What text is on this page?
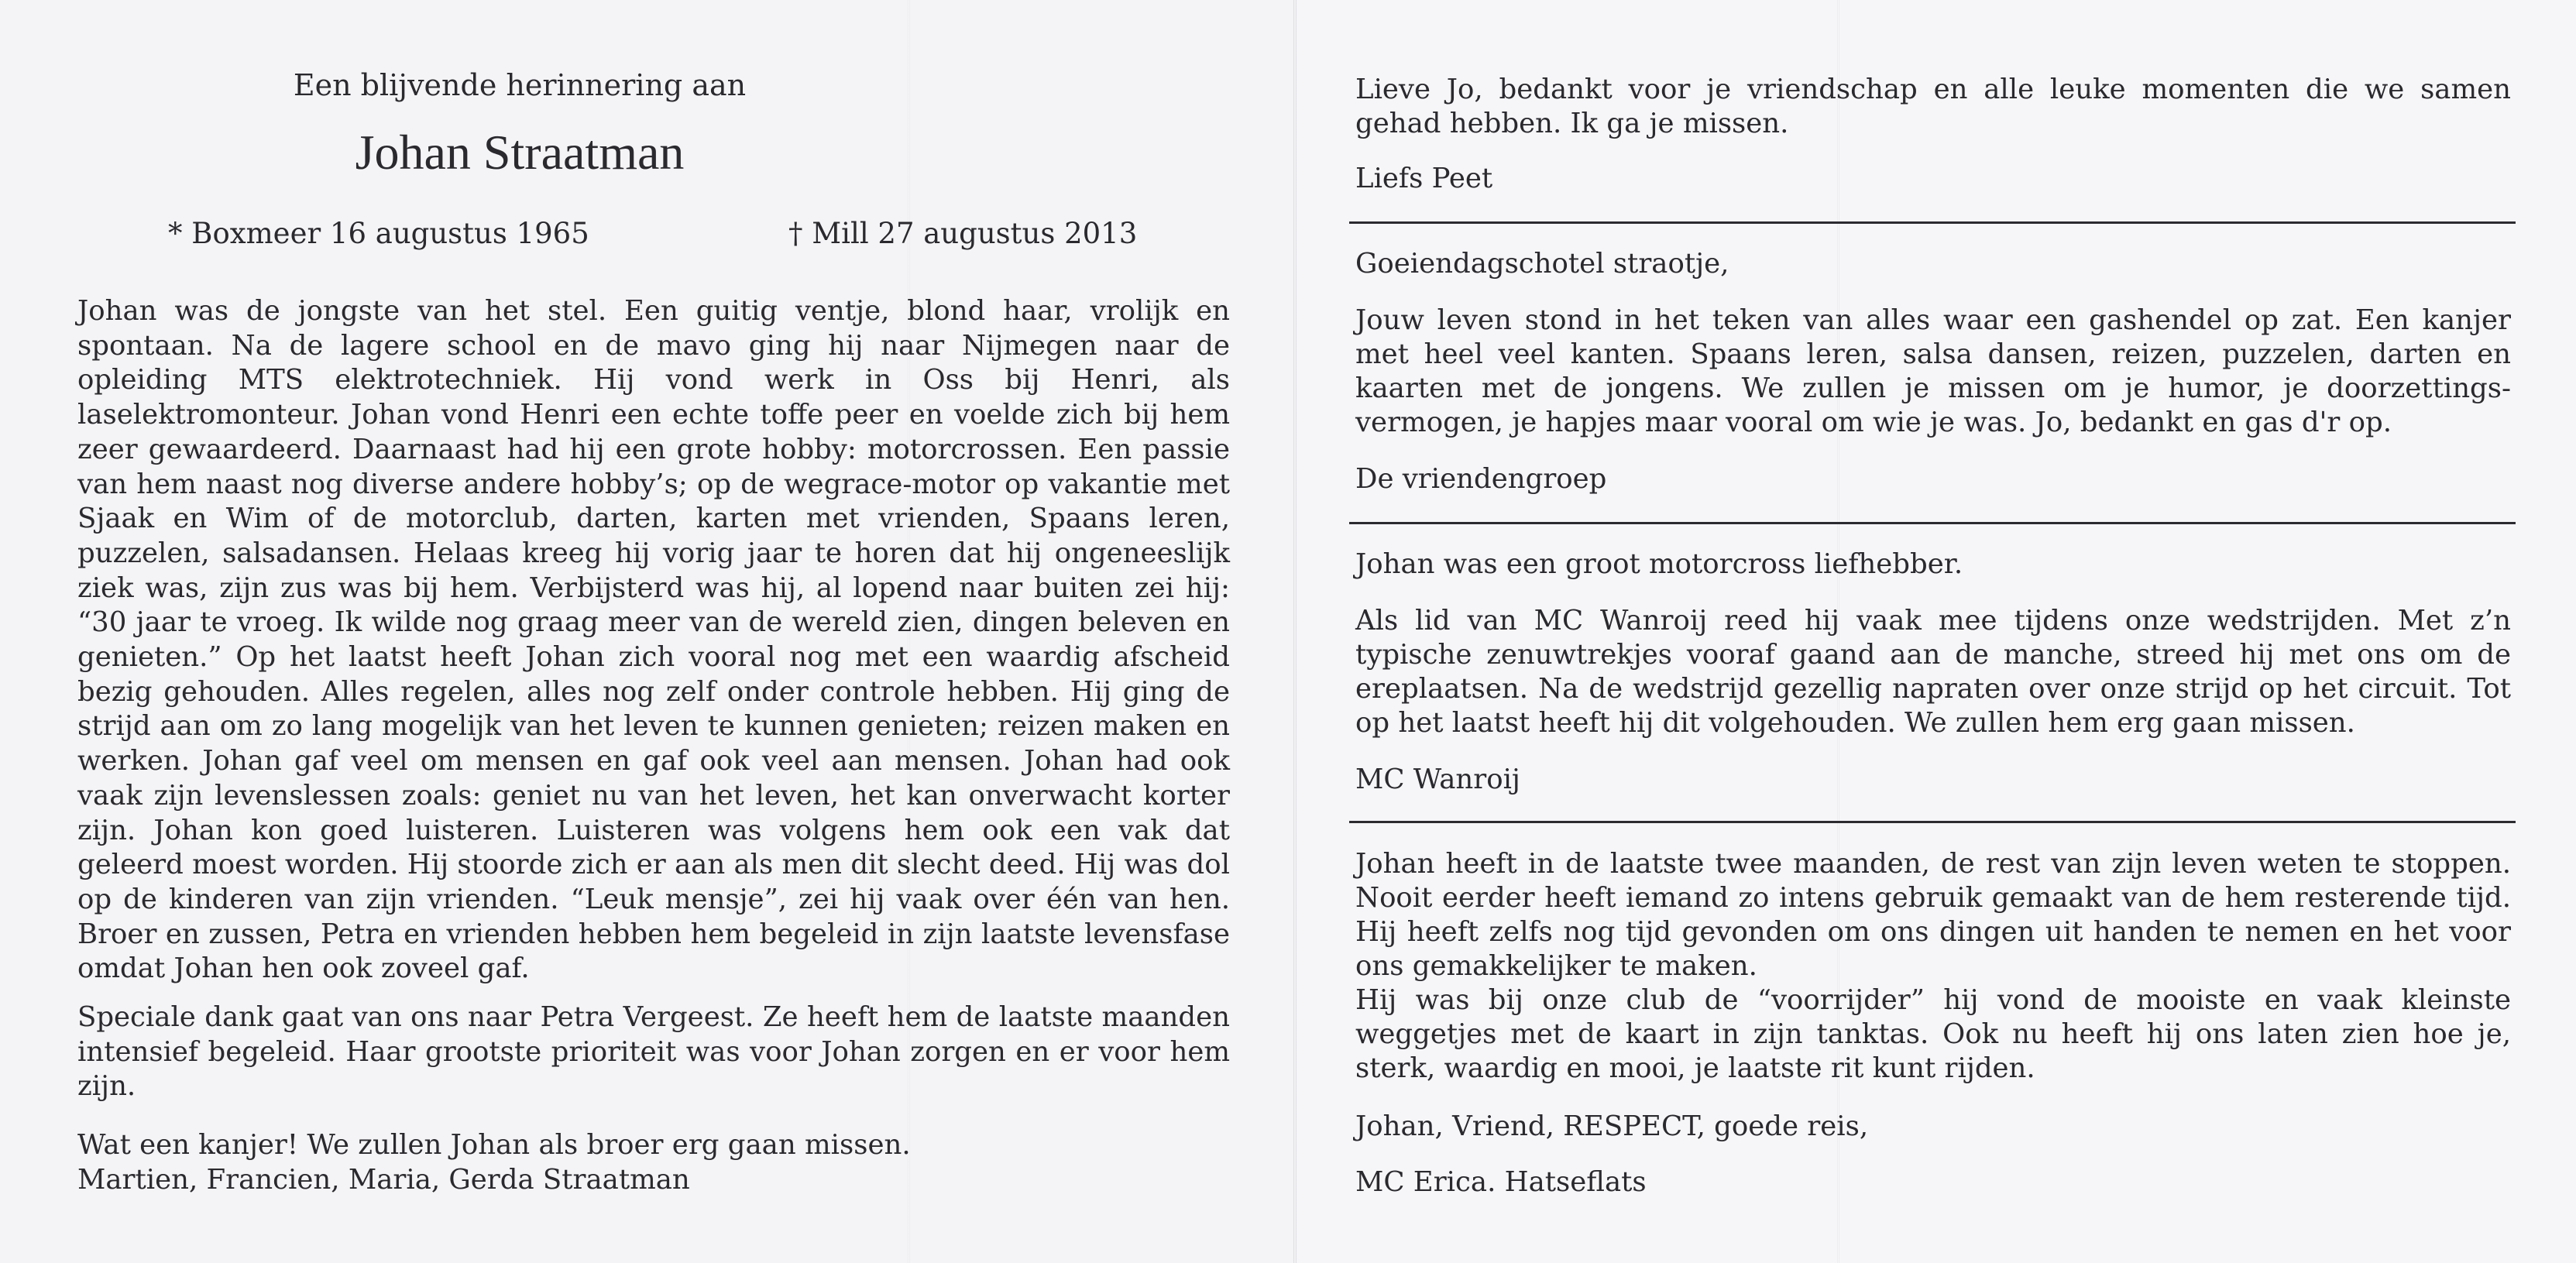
Een blijvende herinnering aan
Johan Straatman
* Boxmeer 16 augustus 1965	† Mill 27 augustus 2013

Johan was de jongste van het stel. Een guitig ventje, blond haar, vrolijk en spontaan. Na de lagere school en de mavo ging hij naar Nijmegen naar de opleiding MTS elektrotechniek. Hij vond werk in Oss bij Henri, als laselektromonteur. Johan vond Henri een echte toffe peer en voelde zich bij hem zeer gewaardeerd. Daarnaast had hij een grote hobby: motorcrossen. Een passie van hem naast nog diverse andere hobby’s; op de wegrace-motor op vakantie met Sjaak en Wim of de motorclub, darten, karten met vrienden, Spaans leren, puzzelen, salsadansen. Helaas kreeg hij vorig jaar te horen dat hij ongeneeslijk ziek was, zijn zus was bij hem. Verbijsterd was hij, al lopend naar buiten zei hij: “30 jaar te vroeg. Ik wilde nog graag meer van de wereld zien, dingen beleven en genieten.” Op het laatst heeft Johan zich vooral nog met een waardig afscheid bezig gehouden. Alles regelen, alles nog zelf onder controle hebben. Hij ging de strijd aan om zo lang mogelijk van het leven te kunnen genieten; reizen maken en werken. Johan gaf veel om mensen en gaf ook veel aan mensen. Johan had ook vaak zijn levenslessen zoals: geniet nu van het leven, het kan onverwacht korter zijn. Johan kon goed luisteren. Luisteren was volgens hem ook een vak dat geleerd moest worden. Hij stoorde zich er aan als men dit slecht deed. Hij was dol op de kinderen van zijn vrienden. “Leuk mensje”, zei hij vaak over één van hen. Broer en zussen, Petra en vrienden hebben hem begeleid in zijn laatste levensfase omdat Johan hen ook zoveel gaf.

Speciale dank gaat van ons naar Petra Vergeest. Ze heeft hem de laatste maanden intensief begeleid. Haar grootste prioriteit was voor Johan zorgen en er voor hem zijn.

Wat een kanjer! We zullen Johan als broer erg gaan missen.

Martien, Francien, Maria, Gerda Straatman

Lieve Jo, bedankt voor je vriendschap en alle leuke momenten die we samen gehad hebben. Ik ga je missen.

Liefs Peet
Goeiendagschotel straotje,

Jouw leven stond in het teken van alles waar een gashendel op zat. Een kanjer met heel veel kanten. Spaans leren, salsa dansen, reizen, puzzelen, darten en kaarten met de jongens. We zullen je missen om je humor, je doorzettings-vermogen, je hapjes maar vooral om wie je was. Jo, bedankt en gas d'r op.

De vriendengroep
Johan was een groot motorcross liefhebber.

Als lid van MC Wanroij reed hij vaak mee tijdens onze wedstrijden. Met z’n typische zenuwtrekjes vooraf gaand aan de manche, streed hij met ons om de ereplaatsen. Na de wedstrijd gezellig napraten over onze strijd op het circuit. Tot op het laatst heeft hij dit volgehouden. We zullen hem erg gaan missen.

MC Wanroij

Johan heeft in de laatste twee maanden, de rest van zijn leven weten te stoppen. Nooit eerder heeft iemand zo intens gebruik gemaakt van de hem resterende tijd. Hij heeft zelfs nog tijd gevonden om ons dingen uit handen te nemen en het voor ons gemakkelijker te maken.

Hij was bij onze club de “voorrijder” hij vond de mooiste en vaak kleinste weggetjes met de kaart in zijn tanktas. Ook nu heeft hij ons laten zien hoe je, sterk, waardig en mooi, je laatste rit kunt rijden.

Johan, Vriend, RESPECT, goede reis,
MC Erica. Hatseflats
